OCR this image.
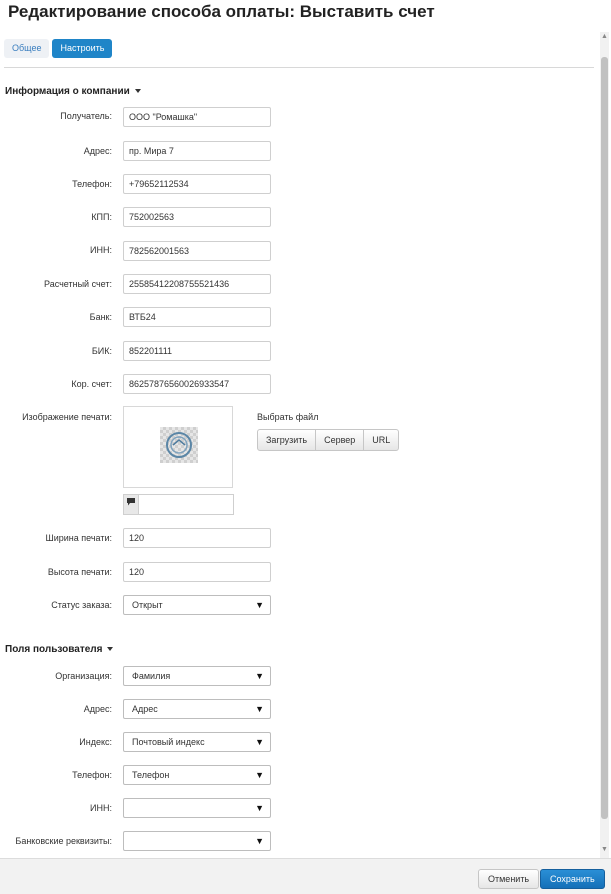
Редактирование способа оплаты: Выставить счет
▲
▼
Общее Настроить
Информация о компании
Получатель:	ООО "Ромашка"
Адрес:	пр. Мира 7
Телефон:	+79652112534
КПП:	752002563
ИНН:	782562001563
Расчетный счет:	25585412208755521436
Банк:	ВТБ24
БИК:	852201111
Кор. счет:	86257876560026933547
Изображение печати:	Выбрать файл
Загрузить	Сервер	URL
Ширина печати:	120
Высота печати:	120
Статус заказа:	Открыт	▼
Поля пользователя
Организация:	Фамилия	▼
Адрес:	Адрес	▼
Индекс:	Почтовый индекс	▼
Телефон:	Телефон	▼
ИНН:	▼
Банковские реквизиты:	▼
Отменить	Сохранить
